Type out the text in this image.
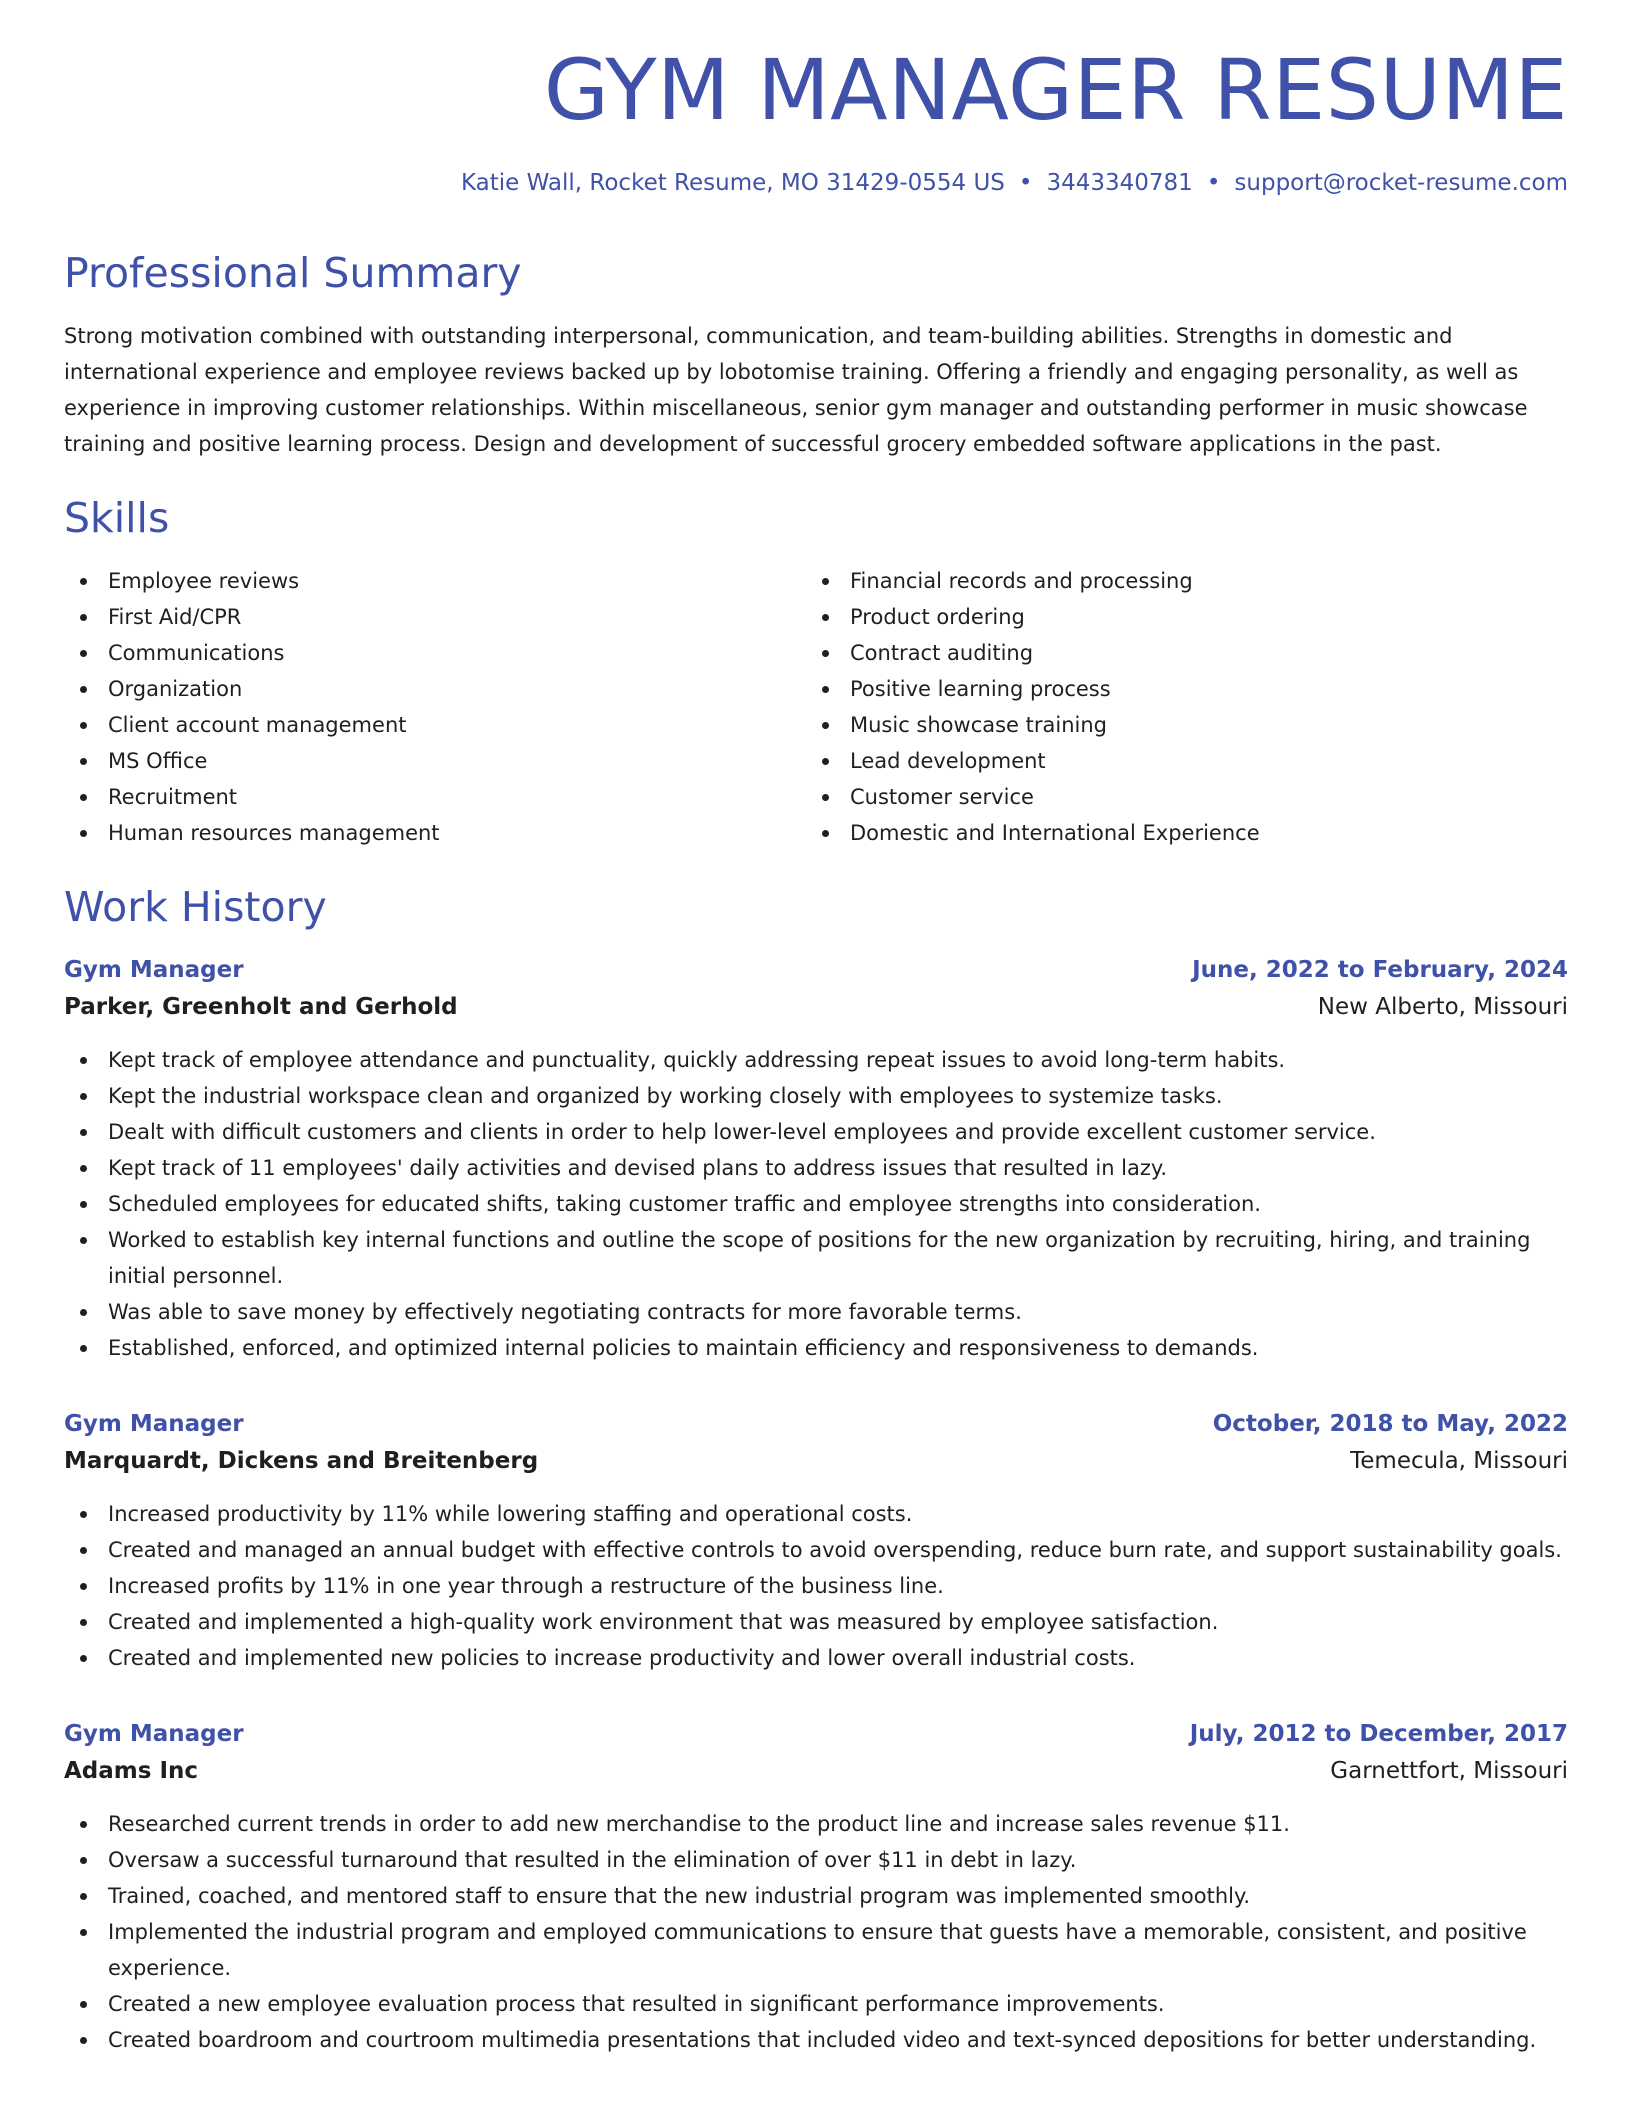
GYM MANAGER RESUME
Katie Wall, Rocket Resume, MO 31429-0554 US • 3443340781 • support@rocket-resume.com
Professional Summary
Strong motivation combined with outstanding interpersonal, communication, and team-building abilities. Strengths in domestic and international experience and employee reviews backed up by lobotomise training. Offering a friendly and engaging personality, as well as experience in improving customer relationships. Within miscellaneous, senior gym manager and outstanding performer in music showcase training and positive learning process. Design and development of successful grocery embedded software applications in the past.
Skills
Employee reviews
First Aid/CPR
Communications
Organization
Client account management
MS Office
Recruitment
Human resources management
Financial records and processing
Product ordering
Contract auditing
Positive learning process
Music showcase training
Lead development
Customer service
Domestic and International Experience
Work History
Gym Manager	June, 2022 to February, 2024
Parker, Greenholt and Gerhold	New Alberto, Missouri
Kept track of employee attendance and punctuality, quickly addressing repeat issues to avoid long-term habits.
Kept the industrial workspace clean and organized by working closely with employees to systemize tasks.
Dealt with difficult customers and clients in order to help lower-level employees and provide excellent customer service.
Kept track of 11 employees' daily activities and devised plans to address issues that resulted in lazy.
Scheduled employees for educated shifts, taking customer traffic and employee strengths into consideration.
Worked to establish key internal functions and outline the scope of positions for the new organization by recruiting, hiring, and training initial personnel.
Was able to save money by effectively negotiating contracts for more favorable terms.
Established, enforced, and optimized internal policies to maintain efficiency and responsiveness to demands.
Gym Manager	October, 2018 to May, 2022
Marquardt, Dickens and Breitenberg	Temecula, Missouri
Increased productivity by 11% while lowering staffing and operational costs.
Created and managed an annual budget with effective controls to avoid overspending, reduce burn rate, and support sustainability goals.
Increased profits by 11% in one year through a restructure of the business line.
Created and implemented a high-quality work environment that was measured by employee satisfaction.
Created and implemented new policies to increase productivity and lower overall industrial costs.
Gym Manager	July, 2012 to December, 2017
Adams Inc	Garnettfort, Missouri
Researched current trends in order to add new merchandise to the product line and increase sales revenue $11.
Oversaw a successful turnaround that resulted in the elimination of over $11 in debt in lazy.
Trained, coached, and mentored staff to ensure that the new industrial program was implemented smoothly.
Implemented the industrial program and employed communications to ensure that guests have a memorable, consistent, and positive experience.
Created a new employee evaluation process that resulted in significant performance improvements.
Created boardroom and courtroom multimedia presentations that included video and text-synced depositions for better understanding.
